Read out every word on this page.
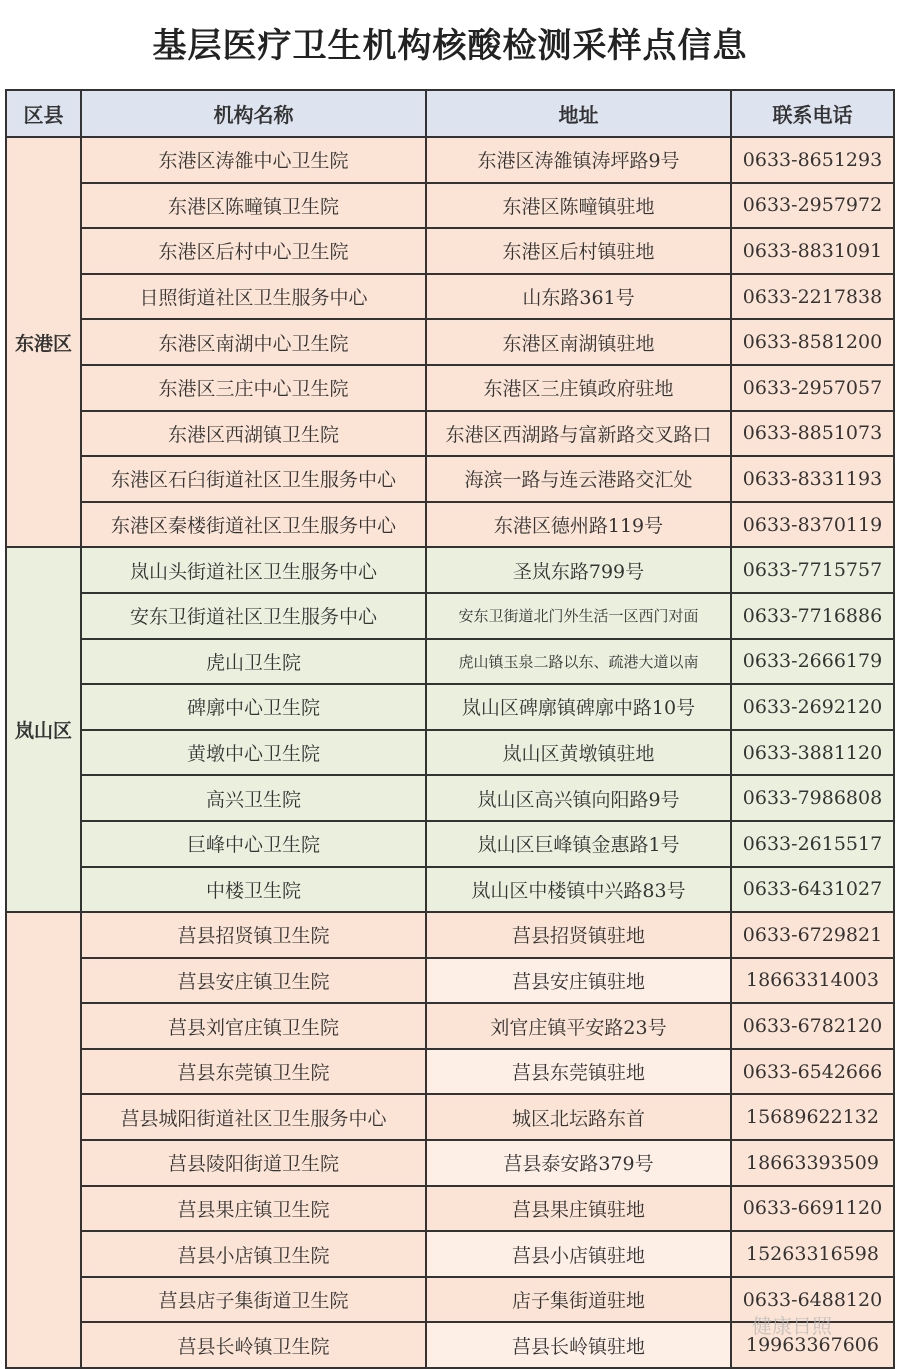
基层医疗卫生机构核酸检测采样点信息
区县	机构名称	地址	联系电话
东港区	东港区涛雒中心卫生院	东港区涛雒镇涛坪路9号	0633-8651293
	东港区陈疃镇卫生院	东港区陈疃镇驻地	0633-2957972
	东港区后村中心卫生院	东港区后村镇驻地	0633-8831091
	日照街道社区卫生服务中心	山东路361号	0633-2217838
	东港区南湖中心卫生院	东港区南湖镇驻地	0633-8581200
	东港区三庄中心卫生院	东港区三庄镇政府驻地	0633-2957057
	东港区西湖镇卫生院	东港区西湖路与富新路交叉路口	0633-8851073
	东港区石臼街道社区卫生服务中心	海滨一路与连云港路交汇处	0633-8331193
	东港区秦楼街道社区卫生服务中心	东港区德州路119号	0633-8370119
岚山区	岚山头街道社区卫生服务中心	圣岚东路799号	0633-7715757
	安东卫街道社区卫生服务中心	安东卫街道北门外生活一区西门对面	0633-7716886
	虎山卫生院	虎山镇玉泉二路以东、疏港大道以南	0633-2666179
	碑廓中心卫生院	岚山区碑廓镇碑廓中路10号	0633-2692120
	黄墩中心卫生院	岚山区黄墩镇驻地	0633-3881120
	高兴卫生院	岚山区高兴镇向阳路9号	0633-7986808
	巨峰中心卫生院	岚山区巨峰镇金惠路1号	0633-2615517
	中楼卫生院	岚山区中楼镇中兴路83号	0633-6431027
	莒县招贤镇卫生院	莒县招贤镇驻地	0633-6729821
	莒县安庄镇卫生院	莒县安庄镇驻地	18663314003
	莒县刘官庄镇卫生院	刘官庄镇平安路23号	0633-6782120
	莒县东莞镇卫生院	莒县东莞镇驻地	0633-6542666
	莒县城阳街道社区卫生服务中心	城区北坛路东首	15689622132
	莒县陵阳街道卫生院	莒县泰安路379号	18663393509
	莒县果庄镇卫生院	莒县果庄镇驻地	0633-6691120
	莒县小店镇卫生院	莒县小店镇驻地	15263316598
	莒县店子集街道卫生院	店子集街道驻地	0633-6488120
	莒县长岭镇卫生院	莒县长岭镇驻地	19963367606
健康日照
